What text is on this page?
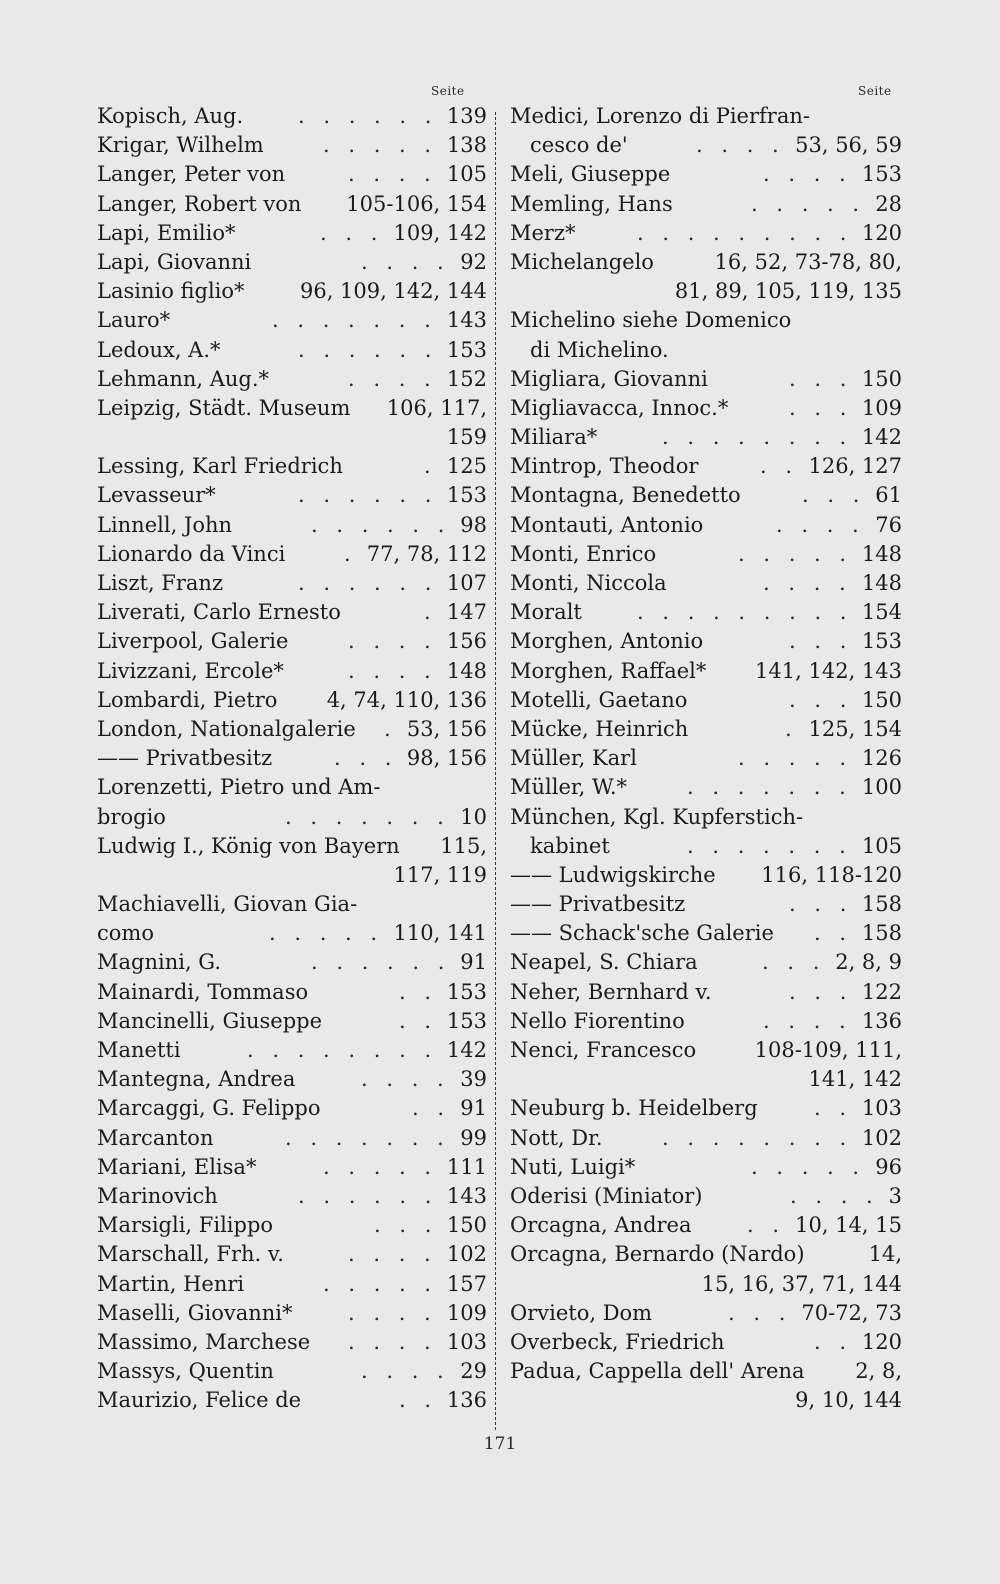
Seite	Seite
Kopisch, Aug.	. . . . . . 139
Krigar, Wilhelm	. . . . . 138
Langer, Peter von	. . . . 105
Langer, Robert von 105-106, 154
Lapi, Emilio*	. . . 109, 142
Lapi, Giovanni	. . . . 92
Lasinio figlio*	96, 109, 142, 144
Lauro*	. . . . . . . 143
Ledoux, A.*	. . . . . . 153
Lehmann, Aug.*	. . . . 152
Leipzig, Städt. Museum 106, 117,
159
Lessing, Karl Friedrich	. 125
Levasseur*	. . . . . . 153
Linnell, John	. . . . . . 98
Lionardo da Vinci	. 77, 78, 112
Liszt, Franz	. . . . . . 107
Liverati, Carlo Ernesto	. 147
Liverpool, Galerie	. . . . 156
Livizzani, Ercole*	. . . . 148
Lombardi, Pietro 4, 74, 110, 136
London, Nationalgalerie . 53, 156
—— Privatbesitz	. . . 98, 156
Lorenzetti, Pietro und Am-
brogio	. . . . . . . 10
Ludwig I., König von Bayern 115,
117, 119
Machiavelli, Giovan Gia-
como	. . . . . 110, 141
Magnini, G.	. . . . . . 91
Mainardi, Tommaso	. . 153
Mancinelli, Giuseppe	. . 153
Manetti	. . . . . . . . 142
Mantegna, Andrea	. . . . 39
Marcaggi, G. Felippo	. . 91
Marcanton	. . . . . . . 99
Mariani, Elisa*	. . . . . 111
Marinovich	. . . . . . 143
Marsigli, Filippo	. . . 150
Marschall, Frh. v.	. . . . 102
Martin, Henri	. . . . . 157
Maselli, Giovanni*	. . . . 109
Massimo, Marchese . . . . 103
Massys, Quentin	. . . . 29
Maurizio, Felice de	. . 136
Medici, Lorenzo di Pierfran-
cesco de'	. . . . 53, 56, 59
Meli, Giuseppe	. . . . 153
Memling, Hans	. . . . . 28
Merz*	. . . . . . . . . 120
Michelangelo	16, 52, 73-78, 80,
81, 89, 105, 119, 135
Michelino siehe Domenico
di Michelino.
Migliara, Giovanni	. . . 150
Migliavacca, Innoc.*	. . . 109
Miliara*	. . . . . . . . 142
Mintrop, Theodor	. . 126, 127
Montagna, Benedetto	. . . 61
Montauti, Antonio	. . . . 76
Monti, Enrico	. . . . . 148
Monti, Niccola	. . . . 148
Moralt	. . . . . . . . . 154
Morghen, Antonio	. . . 153
Morghen, Raffael* 141, 142, 143
Motelli, Gaetano	. . . 150
Mücke, Heinrich	. 125, 154
Müller, Karl	. . . . . 126
Müller, W.*	. . . . . . . 100
München, Kgl. Kupferstich-
kabinet	. . . . . . . 105
—— Ludwigskirche 116, 118-120
—— Privatbesitz	. . . 158
—— Schack'sche Galerie . . 158
Neapel, S. Chiara	. . . 2, 8, 9
Neher, Bernhard v.	. . . 122
Nello Fiorentino	. . . . 136
Nenci, Francesco	108-109, 111,
141, 142
Neuburg b. Heidelberg	. . 103
Nott, Dr.	. . . . . . . . 102
Nuti, Luigi*	. . . . . 96
Oderisi (Miniator)	. . . . 3
Orcagna, Andrea	. . 10, 14, 15
Orcagna, Bernardo (Nardo)	14,
15, 16, 37, 71, 144
Orvieto, Dom	. . . 70-72, 73
Overbeck, Friedrich	. . 120
Padua, Cappella dell' Arena 2, 8,
9, 10, 144
171
